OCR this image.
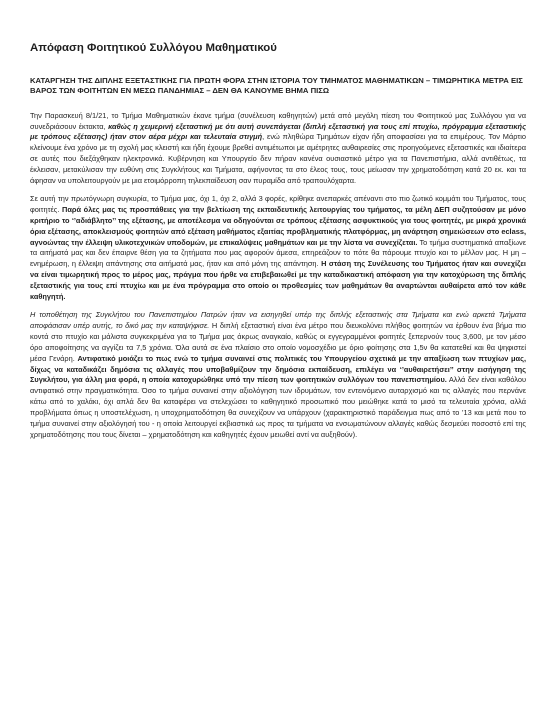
Απόφαση Φοιτητικού Συλλόγου Μαθηματικού
ΚΑΤΑΡΓΗΣΗ ΤΗΣ ΔΙΠΛΗΣ ΕΞΕΤΑΣΤΙΚΗΣ ΓΙΑ ΠΡΩΤΗ ΦΟΡΑ ΣΤΗΝ ΙΣΤΟΡΙΑ ΤΟΥ ΤΜΗΜΑΤΟΣ ΜΑΘΗΜΑΤΙΚΩΝ – ΤΙΜΩΡΗΤΙΚΑ ΜΕΤΡΑ ΕΙΣ ΒΑΡΟΣ ΤΩΝ ΦΟΙΤΗΤΩΝ ΕΝ ΜΕΣΩ ΠΑΝΔΗΜΙΑΣ – ΔΕΝ ΘΑ ΚΑΝΟΥΜΕ ΒΗΜΑ ΠΙΣΩ

Την Παρασκευή 8/1/21, το Τμήμα Μαθηματικών έκανε τμήμα (συνέλευση καθηγητών) μετά από μεγάλη πίεση του Φοιτητικού μας Συλλόγου για να συνεδριάσουν έκτακτα, καθώς η χειμερινή εξεταστική με ότι αυτή συνεπάγεται (διπλή εξεταστική για τους επί πτυχίω, πρόγραμμα εξεταστικής με τρόπους εξέτασης) ήταν στον αέρα μέχρι και τελευταία στιγμή, ενώ πληθώρα Τμημάτων είχαν ήδη αποφασίσει για τα επιμέρους. Τον Μάρτιο κλείνουμε ένα χρόνο με τη σχολή μας κλειστή και ήδη έχουμε βρεθεί αντιμέτωποι με αμέτρητες αυθαιρεσίες στις προηγούμενες εξεταστικές και ιδιαίτερα σε αυτές που διεξάχθηκαν ηλεκτρονικά. Κυβέρνηση και Υπουργείο δεν πήραν κανένα ουσιαστικό μέτρο για τα Πανεπιστήμια, αλλά αντιθέτως, τα έκλεισαν, μετακύλισαν την ευθύνη στις Συγκλήτους και Τμήματα, αφήνοντας τα στο έλεος τους, τους μείωσαν την χρηματοδότηση κατά 20 εκ. και τα άφησαν να υπολειτουργούν με μια ετοιμόρροπη τηλεκπαίδευση σαν πυραμίδα από τραπουλόχαρτα.

Σε αυτή την πρωτόγνωρη συγκυρία, το Τμήμα μας, όχι 1, όχι 2, αλλά 3 φορές, κρίθηκε ανεπαρκές απέναντι στο πιο ζωτικό κομμάτι του Τμήματος, τους φοιτητές. Παρά όλες μας τις προσπάθειες για την βελτίωση της εκπαιδευτικής λειτουργίας του τμήματος, τα μέλη ΔΕΠ συζητούσαν με μόνο κριτήριο το ‘’αδιάβλητο’’ της εξέτασης, με αποτέλεσμα να οδηγούνται σε τρόπους εξέτασης ασφυκτικούς για τους φοιτητές, με μικρά χρονικά όρια εξέτασης, αποκλεισμούς φοιτητών από εξέταση μαθήματος εξαιτίας προβληματικής πλατφόρμας, μη ανάρτηση σημειώσεων στο eclass, αγνοώντας την έλλειψη υλικοτεχνικών υποδομών, με επικαλύψεις μαθημάτων και με την λίστα να συνεχίζεται. Το τμήμα συστηματικά απαξίωνε τα αιτήματά μας και δεν έπαιρνε θέση για τα ζητήματα που μας αφορούν άμεσα, επηρεάζουν το πότε θα πάρουμε πτυχίο και το μέλλον μας. Η μη – ενημέρωση, η έλλειψη απάντησης στα αιτήματά μας, ήταν και από μόνη της απάντηση. Η στάση της Συνέλευσης του Τμήματος ήταν και συνεχίζει να είναι τιμωρητική προς το μέρος μας, πράγμα που ήρθε να επιβεβαιωθεί με την καταδικαστική απόφαση για την κατοχύρωση της διπλής εξεταστικής για τους επί πτυχίω και με ένα πρόγραμμα στο οποίο οι προθεσμίες των μαθημάτων θα αναρτώνται αυθαίρετα από τον κάθε καθηγητή.

Η τοποθέτηση της Συγκλήτου του Πανεπιστημίου Πατρών ήταν να εισηγηθεί υπέρ της διπλής εξεταστικής στα Τμήματα και ενώ αρκετά Τμήματα αποφάσισαν υπέρ αυτής, το δικό μας την καταψήφισε. Η διπλή εξεταστική είναι ένα μέτρο που διευκολύνει πλήθος φοιτητών να έρθουν ένα βήμα πιο κοντά στο πτυχίο και μάλιστα συγκεκριμένα για το Τμήμα μας άκρως αναγκαίο, καθώς οι εγγεγραμμένοι φοιτητές ξεπερνούν τους 3,600, με τον μέσο όρο αποφοίτησης να αγγίζει τα 7,5 χρόνια. Όλα αυτά σε ένα πλαίσιο στο οποίο νομοσχέδιο με όριο φοίτησης στα 1,5ν θα κατατεθεί και θα ψηφιστεί μέσα Γενάρη. Αντιφατικό μοιάζει το πως ενώ το τμήμα συναινεί στις πολιτικές του Υπουργείου σχετικά με την απαξίωση των πτυχίων μας, δίχως να καταδικάζει δημόσια τις αλλαγές που υποβαθμίζουν την δημόσια εκπαίδευση, επιλέγει να ‘’αυθαιρετήσει’’ στην εισήγηση της Συγκλήτου, για άλλη μια φορά, η οποία κατοχυρώθηκε υπό την πίεση των φοιτητικών συλλόγων του πανεπιστημίου. Αλλά δεν είναι καθόλου αντιφατικό στην πραγματικότητα. Όσο το τμήμα συναινεί στην αξιολόγηση των ιδρυμάτων, τον εντεινόμενο αυταρχισμό και τις αλλαγές που περνάνε κάτω από το χαλάκι, όχι απλά δεν θα καταφέρει να στελεχώσει το καθηγητικό προσωπικό που μειώθηκε κατά το μισό τα τελευταία χρόνια, αλλά προβλήματα όπως η υποστελέχωση, η υποχρηματοδότηση θα συνεχίζουν να υπάρχουν (χαρακτηριστικό παράδειγμα πως από το ’13 και μετά που το τμήμα συναινεί στην αξιολόγησή του - η οποία λειτουργεί εκβιαστικά ως προς τα τμήματα να ενσωματώνουν αλλαγές καθώς δεσμεύει ποσοστό επί της χρηματοδότησης που τους δίνεται – χρηματοδότηση και καθηγητές έχουν μειωθεί αντί να αυξηθούν).
